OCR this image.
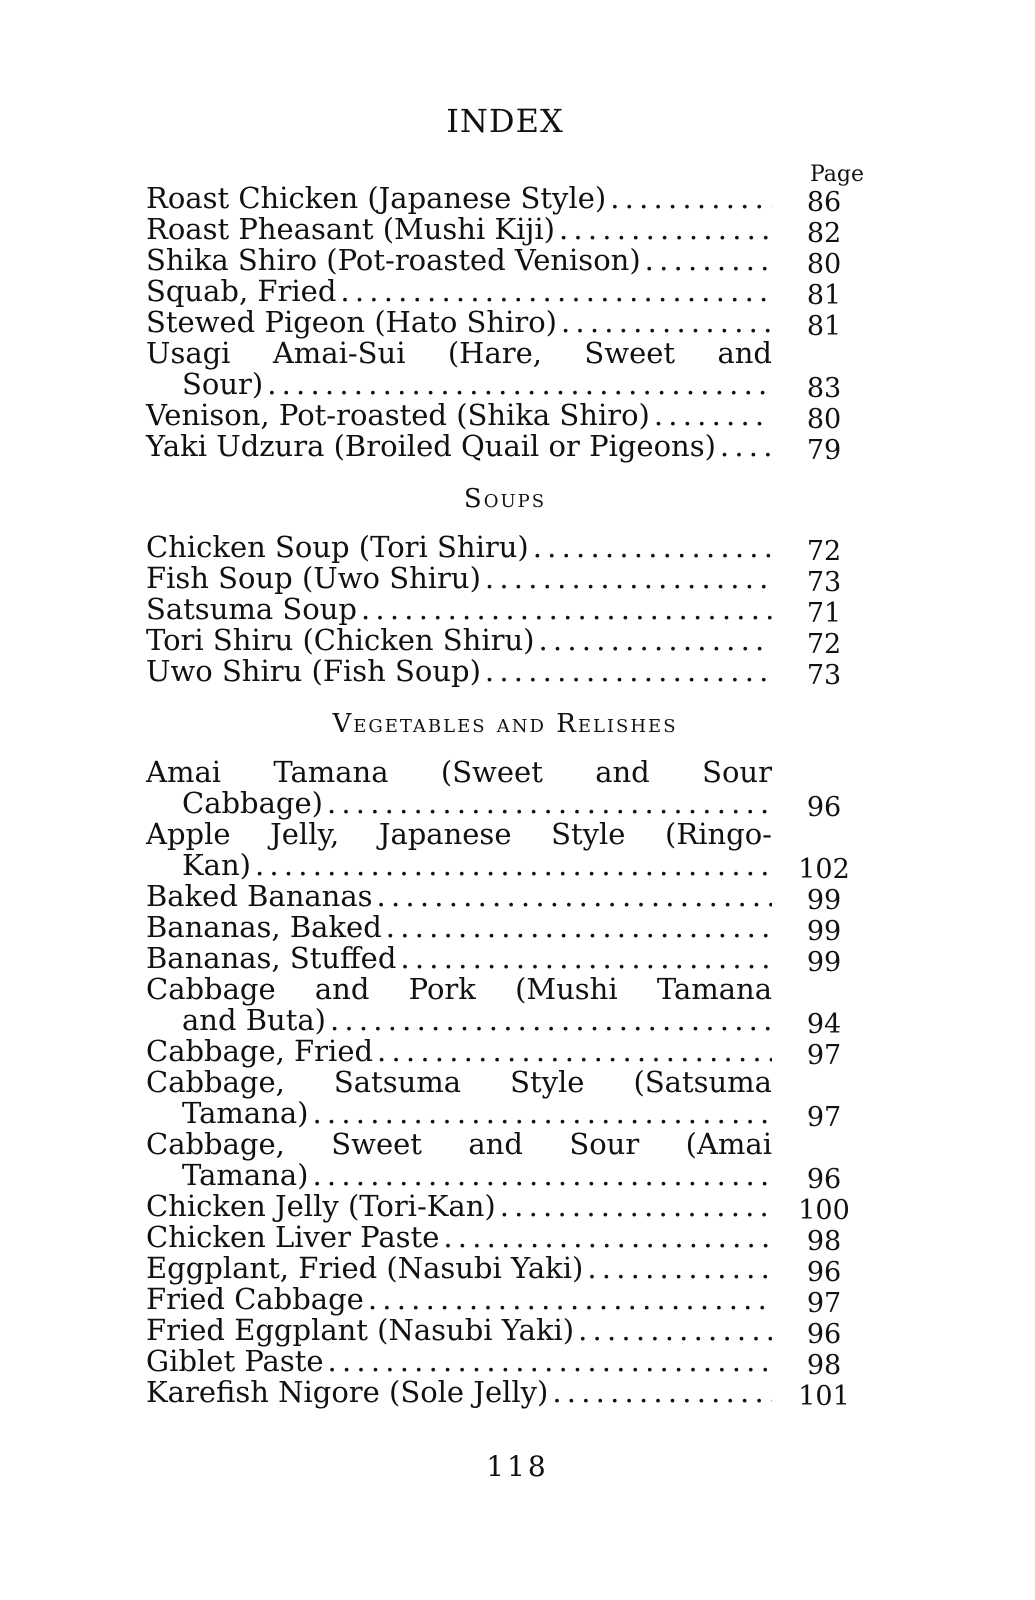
INDEX
Page
Roast Chicken (Japanese Style) . . .	86
Roast Pheasant (Mushi Kiji) . . .	82
Shika Shiro (Pot-roasted Venison) . . .	80
Squab, Fried . . .	81
Stewed Pigeon (Hato Shiro) . . .	81
Usagi Amai-Sui (Hare, Sweet and
Sour) . . .	83
Venison, Pot-roasted (Shika Shiro) . . .	80
Yaki Udzura (Broiled Quail or Pigeons) . . .	79
Soups
Chicken Soup (Tori Shiru) . . .	72
Fish Soup (Uwo Shiru) . . .	73
Satsuma Soup . . .	71
Tori Shiru (Chicken Shiru) . . .	72
Uwo Shiru (Fish Soup) . . .	73
Vegetables and Relishes
Amai Tamana (Sweet and Sour
Cabbage) . . .	96
Apple Jelly, Japanese Style (Ringo-
Kan) . . .	102
Baked Bananas . . .	99
Bananas, Baked . . .	99
Bananas, Stuffed . . .	99
Cabbage and Pork (Mushi Tamana
and Buta) . . .	94
Cabbage, Fried . . .	97
Cabbage, Satsuma Style (Satsuma
Tamana) . . .	97
Cabbage, Sweet and Sour (Amai
Tamana) . . .	96
Chicken Jelly (Tori-Kan) . . .	100
Chicken Liver Paste . . .	98
Eggplant, Fried (Nasubi Yaki) . . .	96
Fried Cabbage . . .	97
Fried Eggplant (Nasubi Yaki) . . .	96
Giblet Paste . . .	98
Karefish Nigore (Sole Jelly) . . .	101
118
